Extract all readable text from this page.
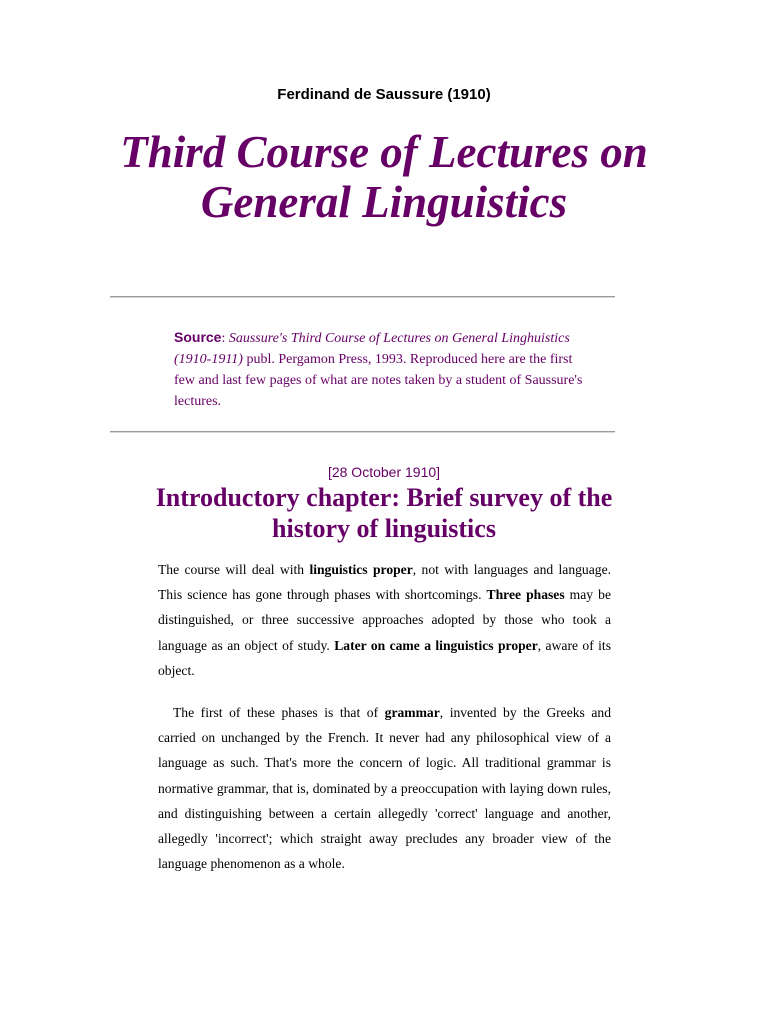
Ferdinand de Saussure (1910)
Third Course of Lectures on General Linguistics
Source: Saussure's Third Course of Lectures on General Linghuistics (1910-1911) publ. Pergamon Press, 1993. Reproduced here are the first few and last few pages of what are notes taken by a student of Saussure's lectures.
[28 October 1910]
Introductory chapter: Brief survey of the history of linguistics

The course will deal with linguistics proper, not with languages and language. This science has gone through phases with shortcomings. Three phases may be distinguished, or three successive approaches adopted by those who took a language as an object of study. Later on came a linguistics proper, aware of its object.

The first of these phases is that of grammar, invented by the Greeks and carried on unchanged by the French. It never had any philosophical view of a language as such. That's more the concern of logic. All traditional grammar is normative grammar, that is, dominated by a preoccupation with laying down rules, and distinguishing between a certain allegedly 'correct' language and another, allegedly 'incorrect'; which straight away precludes any broader view of the language phenomenon as a whole.
